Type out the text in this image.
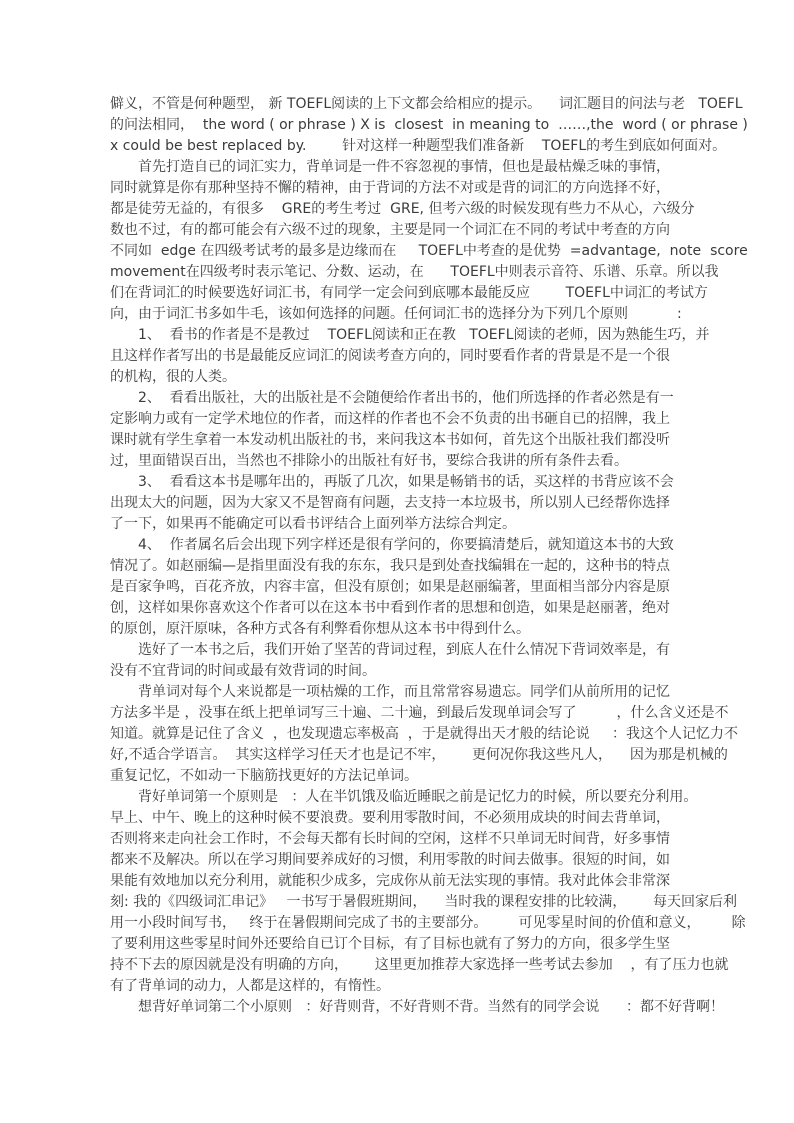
僻义，不管是何种题型， 新 TOEFL阅读的上下文都会给相应的提示。    词汇题目的问法与老   TOEFL
的问法相同，  the word ( or phrase ) X is  closest  in meaning to  ……,the  word ( or phrase )
x could be best replaced by.        针对这样一种题型我们准备新    TOEFL的考生到底如何面对。
　　首先打造自已的词汇实力，背单词是一件不容忽视的事情，但也是最枯燥乏味的事情，
同时就算是你有那种坚持不懈的精神，由于背词的方法不对或是背的词汇的方向选择不好，
都是徒劳无益的，有很多    GRE的考生考过  GRE, 但考六级的时候发现有些力不从心，六级分
数也不过，有的都可能会有六级不过的现象，主要是同一个词汇在不同的考试中考查的方向
不同如  edge 在四级考试考的最多是边缘而在     TOEFL中考查的是优势  =advantage,  note  score
movement在四级考时表示笔记、分数、运动，在      TOEFL中则表示音符、乐谱、乐章。所以我
们在背词汇的时候要选好词汇书，有同学一定会问到底哪本最能反应        TOEFL中词汇的考试方
向，由于词汇书多如牛毛，该如何选择的问题。任何词汇书的选择分为下列几个原则           :
　　1、  看书的作者是不是教过    TOEFL阅读和正在教   TOEFL阅读的老师，因为熟能生巧，并
且这样作者写出的书是最能反应词汇的阅读考查方向的，同时要看作者的背景是不是一个很
的机构，很的人类。
　　2、  看看出版社，大的出版社是不会随便给作者出书的，他们所选择的作者必然是有一
定影响力或有一定学术地位的作者，而这样的作者也不会不负责的出书砸自已的招牌，我上
课时就有学生拿着一本发动机出版社的书，来问我这本书如何，首先这个出版社我们都没听
过，里面错误百出，当然也不排除小的出版社有好书，要综合我讲的所有条件去看。
　　3、  看看这本书是哪年出的，再版了几次，如果是畅销书的话，买这样的书背应该不会
出现太大的问题，因为大家又不是智商有问题，去支持一本垃圾书，所以别人已经帮你选择
了一下，如果再不能确定可以看书评结合上面列举方法综合判定。
　　4、  作者属名后会出现下列字样还是很有学问的，你要搞清楚后，就知道这本书的大致
情况了。如赵丽编—是指里面没有我的东东，我只是到处查找编辑在一起的，这种书的特点
是百家争鸣，百花齐放，内容丰富，但没有原创；如果是赵丽编著，里面相当部分内容是原
创，这样如果你喜欢这个作者可以在这本书中看到作者的思想和创造，如果是赵丽著，绝对
的原创，原汗原味，各种方式各有利弊看你想从这本书中得到什么。
　　选好了一本书之后，我们开始了坚苦的背词过程，到底人在什么情况下背词效率是，有
没有不宜背词的时间或最有效背词的时间。
　　背单词对每个人来说都是一项枯燥的工作，而且常常容易遗忘。同学们从前所用的记忆
方法多半是 ，没事在纸上把单词写三十遍、二十遍，到最后发现单词会写了         ，什么含义还是不
知道。就算是记住了含义  ，也发现遗忘率极高  ，于是就得出天才般的结论说     ：我这个人记忆力不
好,不适合学语言。  其实这样学习任天才也是记不牢，      更何况你我这些凡人，    因为那是机械的
重复记忆，不如动一下脑筋找更好的方法记单词。
　　背好单词第一个原则是   ：人在半饥饿及临近睡眠之前是记忆力的时候，所以要充分利用。
早上、中午、晚上的这种时候不要浪费。要利用零散时间，不必须用成块的时间去背单词，
否则将来走向社会工作时，不会每天都有长时间的空闲，这样不只单词无时间背，好多事情
都来不及解决。所以在学习期间要养成好的习惯，利用零散的时间去做事。很短的时间，如
果能有效地加以充分利用，就能积少成多，完成你从前无法实现的事情。我对此体会非常深
刻: 我的《四级词汇串记》   一书写于暑假班期间，    当时我的课程安排的比较满，      每天回家后利
用一小段时间写书，   终于在暑假期间完成了书的主要部分。       可见零星时间的价值和意义，       除
了要利用这些零星时间外还要给自已订个目标，有了目标也就有了努力的方向，很多学生坚
持不下去的原因就是没有明确的方向，      这里更加推荐大家选择一些考试去参加    ，有了压力也就
有了背单词的动力，人都是这样的，有惰性。
　　想背好单词第二个小原则   ：好背则背，不好背则不背。当然有的同学会说      ：都不好背啊！
